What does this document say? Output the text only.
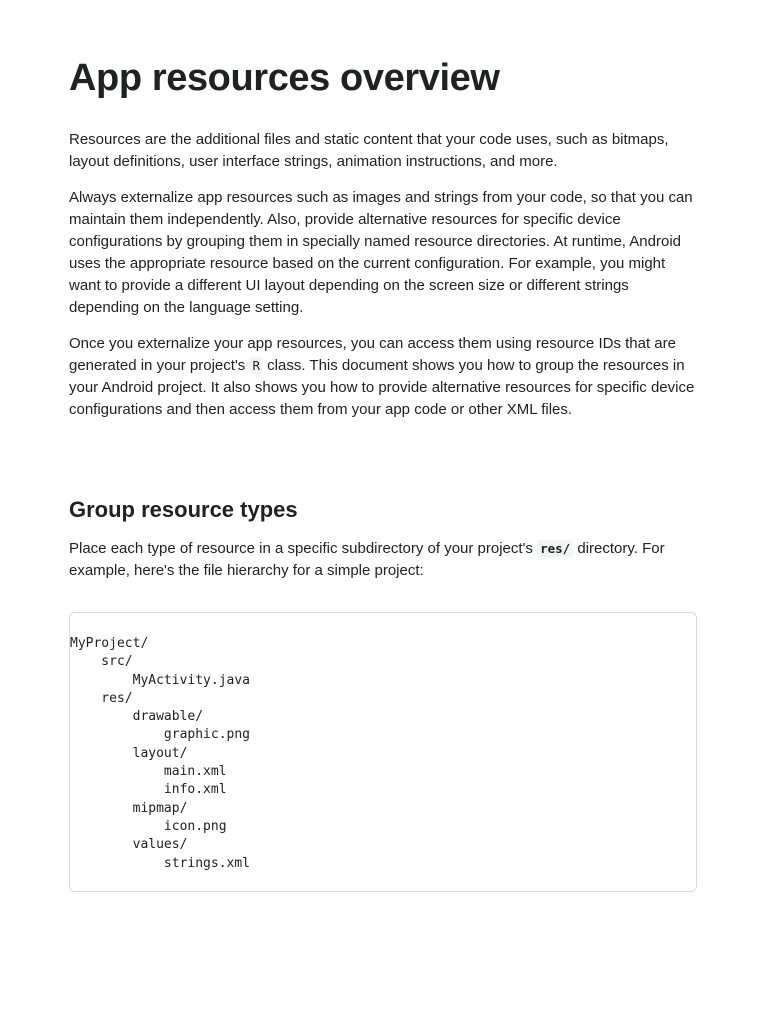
App resources overview

Resources are the additional files and static content that your code uses, such as bitmaps, layout definitions, user interface strings, animation instructions, and more.

Always externalize app resources such as images and strings from your code, so that you can maintain them independently. Also, provide alternative resources for specific device configurations by grouping them in specially named resource directories. At runtime, Android uses the appropriate resource based on the current configuration. For example, you might want to provide a different UI layout depending on the screen size or different strings depending on the language setting.

Once you externalize your app resources, you can access them using resource IDs that are generated in your project's R class. This document shows you how to group the resources in your Android project. It also shows you how to provide alternative resources for specific device configurations and then access them from your app code or other XML files.

Group resource types

Place each type of resource in a specific subdirectory of your project's res/ directory. For example, here's the file hierarchy for a simple project:

MyProject/
src/
MyActivity.java
res/
drawable/
graphic.png
layout/
main.xml
info.xml
mipmap/
icon.png
values/
strings.xml
